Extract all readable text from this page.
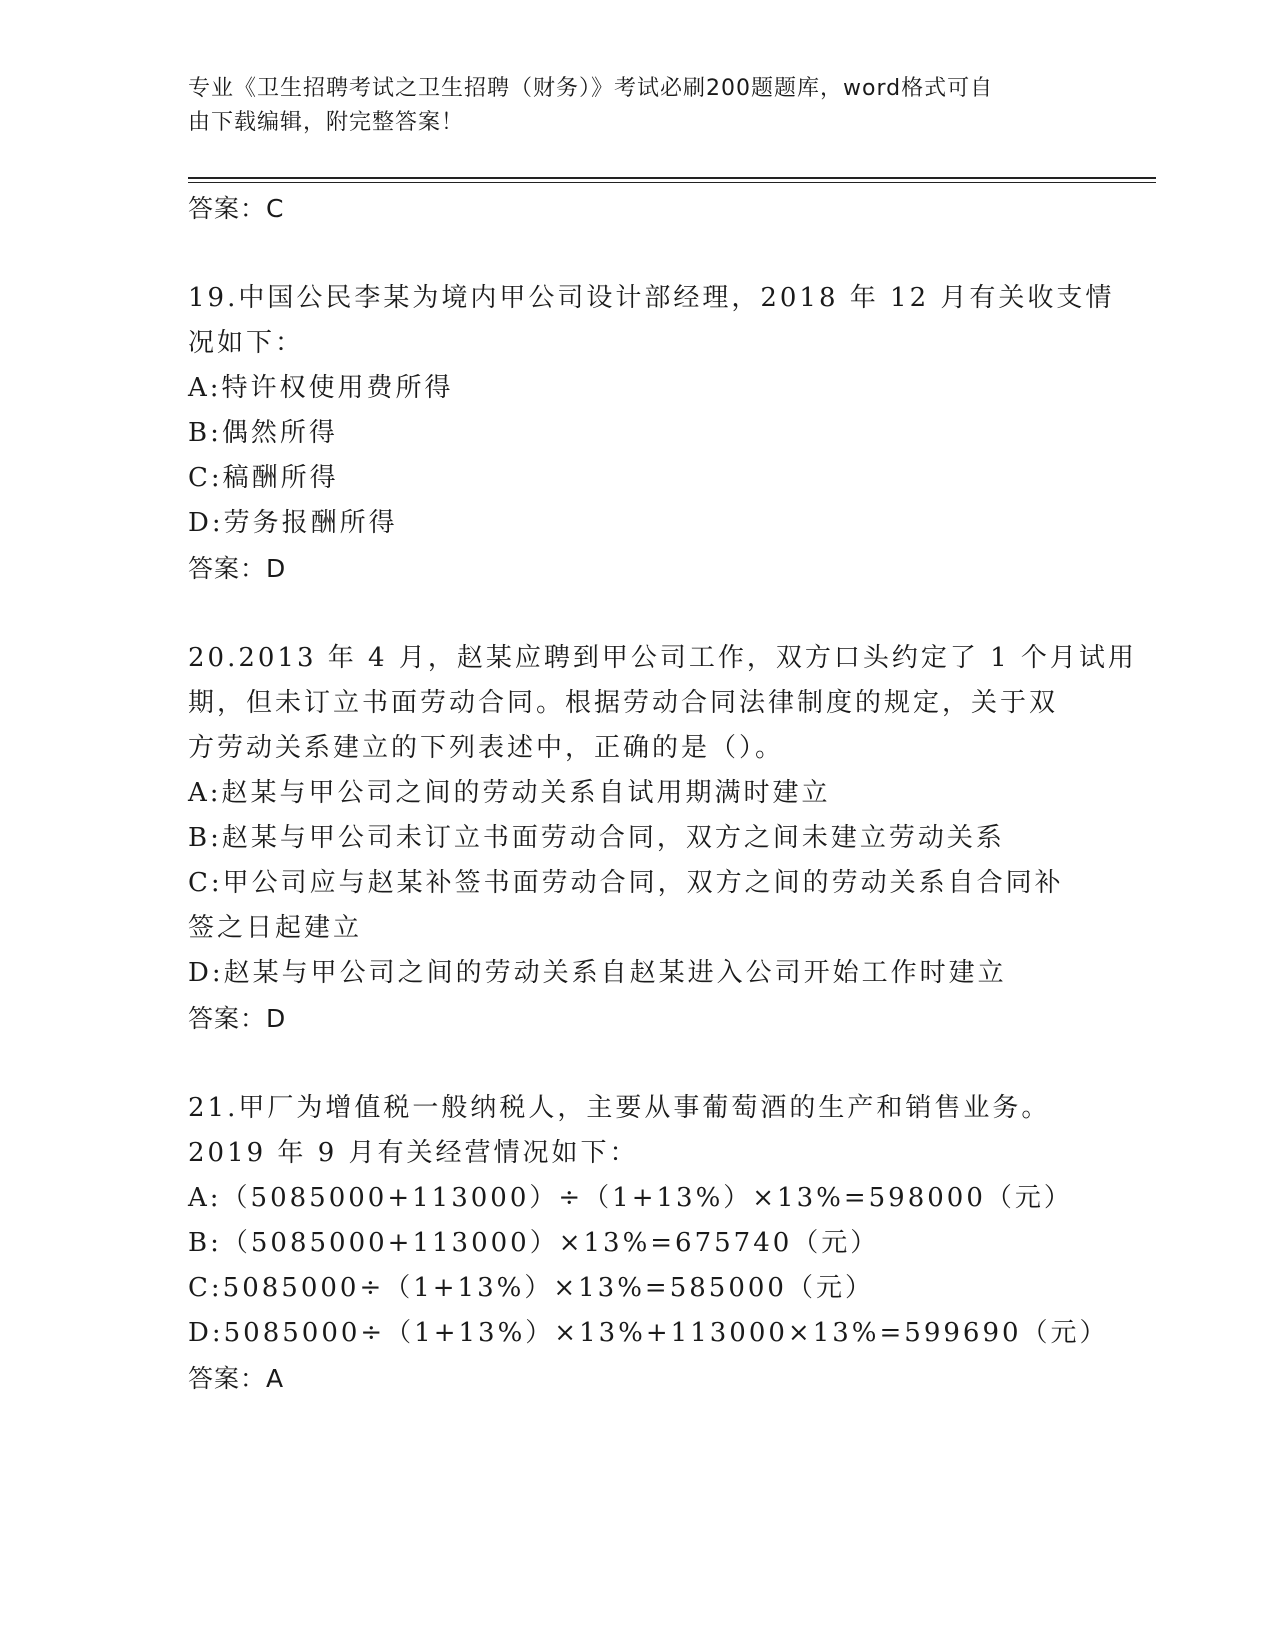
专业《卫生招聘考试之卫生招聘（财务）》考试必刷200题题库，word格式可自
由下载编辑，附完整答案！
答案：C
19.中国公民李某为境内甲公司设计部经理，2018 年 12 月有关收支情
况如下：
A:特许权使用费所得
B:偶然所得
C:稿酬所得
D:劳务报酬所得
答案：D
20.2013 年 4 月，赵某应聘到甲公司工作，双方口头约定了 1 个月试用
期，但未订立书面劳动合同。根据劳动合同法律制度的规定，关于双
方劳动关系建立的下列表述中，正确的是（）。
A:赵某与甲公司之间的劳动关系自试用期满时建立
B:赵某与甲公司未订立书面劳动合同，双方之间未建立劳动关系
C:甲公司应与赵某补签书面劳动合同，双方之间的劳动关系自合同补
签之日起建立
D:赵某与甲公司之间的劳动关系自赵某进入公司开始工作时建立
答案：D
21.甲厂为增值税一般纳税人，主要从事葡萄酒的生产和销售业务。
2019 年 9 月有关经营情况如下：
A:（5085000+113000）÷（1+13%）×13%=598000（元）
B:（5085000+113000）×13%=675740（元）
C:5085000÷（1+13%）×13%=585000（元）
D:5085000÷（1+13%）×13%+113000×13%=599690（元）
答案：A
